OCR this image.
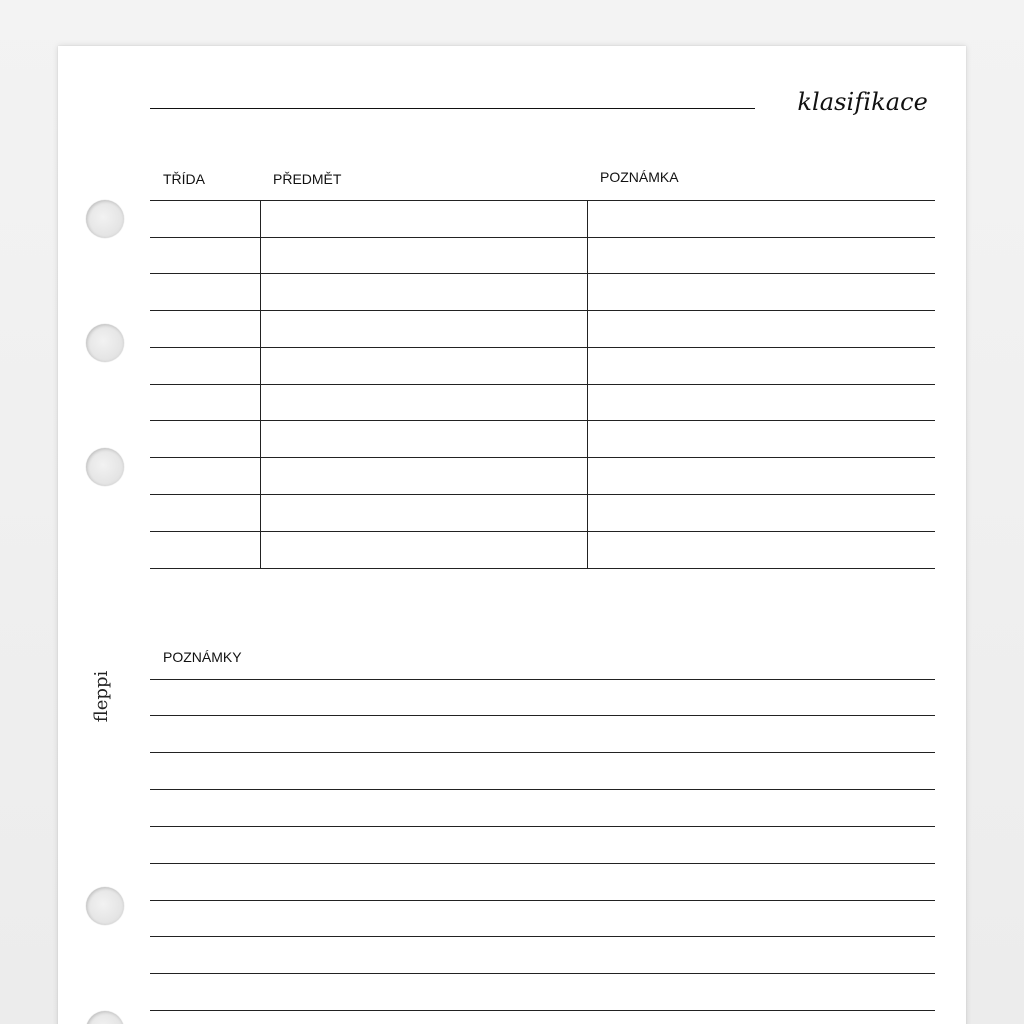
klasifikace
TŘÍDA	PŘEDMĚT	POZNÁMKA
POZNÁMKY
fleppi
